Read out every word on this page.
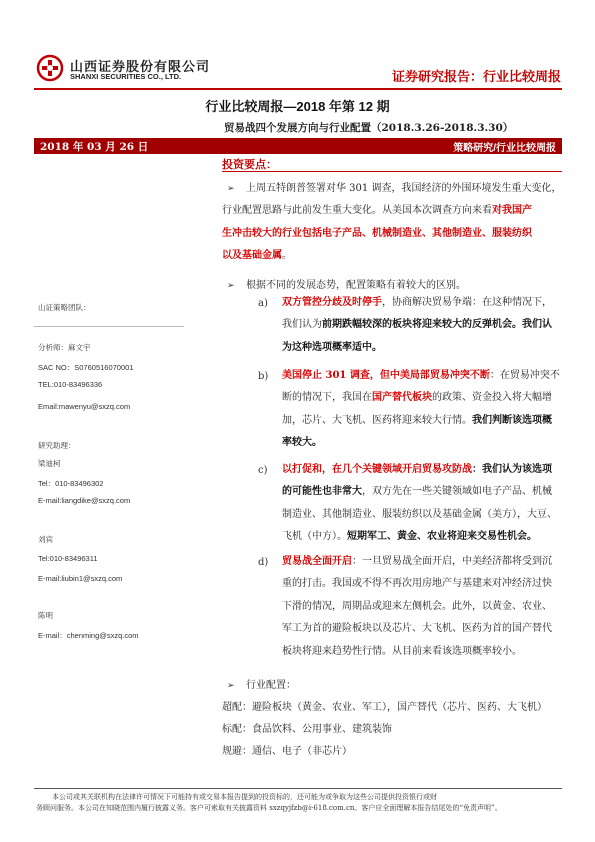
山西证券股份有限公司
SHANXI SECURITIES CO., LTD.	证券研究报告：行业比较周报
行业比较周报—2018 年第 12 期
贸易战四个发展方向与行业配置（2018.3.26-2018.3.30）
2018 年 03 月 26 日	策略研究/行业比较周报
投资要点：
➢ 上周五特朗普签署对华 301 调查，我国经济的外围环境发生重大变化，
行业配置思路与此前发生重大变化。从美国本次调查方向来看对我国产
生冲击较大的行业包括电子产品、机械制造业、其他制造业、服装纺织
以及基础金属。
➢ 根据不同的发展态势，配置策略有着较大的区别。
山证策略团队：
分析师：麻文宇
SAC NO：S0760516070001
TEL:010-83496336
Email:mawenyu@sxzq.com
研究助理：
梁迪柯
Tel：010-83496302
E-mail:liangdike@sxzq.com
刘宾
Tel:010-83496311
E-mail:liubin1@sxzq.com
陈明
E-mail：chenming@sxzq.com
a) 双方管控分歧及时停手，协商解决贸易争端：在这种情况下，
我们认为前期跌幅较深的板块将迎来较大的反弹机会。我们认
为这种选项概率适中。
b) 美国停止 301 调查，但中美局部贸易冲突不断：在贸易冲突不
断的情况下，我国在国产替代板块的政策、资金投入将大幅增
加，芯片、大飞机、医药将迎来较大行情。我们判断该选项概
率较大。
c) 以打促和，在几个关键领域开启贸易攻防战：我们认为该选项
的可能性也非常大，双方先在一些关键领域如电子产品、机械
制造业、其他制造业、服装纺织以及基础金属（美方），大豆、
飞机（中方）。短期军工、黄金、农业将迎来交易性机会。
d) 贸易战全面开启：一旦贸易战全面开启，中美经济都将受到沉
重的打击。我国或不得不再次用房地产与基建来对冲经济过快
下滑的情况，周期品或迎来左侧机会。此外，以黄金、农业、
军工为首的避险板块以及芯片、大飞机、医药为首的国产替代
板块将迎来趋势性行情。从目前来看该选项概率较小。
➢ 行业配置：
超配：避险板块（黄金、农业、军工），国产替代（芯片、医药、大飞机）
标配：食品饮料、公用事业、建筑装饰
规避：通信、电子（非芯片）
本公司或其关联机构在法律许可情况下可能持有或交易本报告提到的投资标的，还可能为或争取为这些公司提供投资银行或财
务顾问服务。本公司在知晓范围内履行披露义务。客户可索取有关披露资料 sxzqyjfzb@i-618.com.cn。客户应全面理解本报告结尾处的“免责声明”。
